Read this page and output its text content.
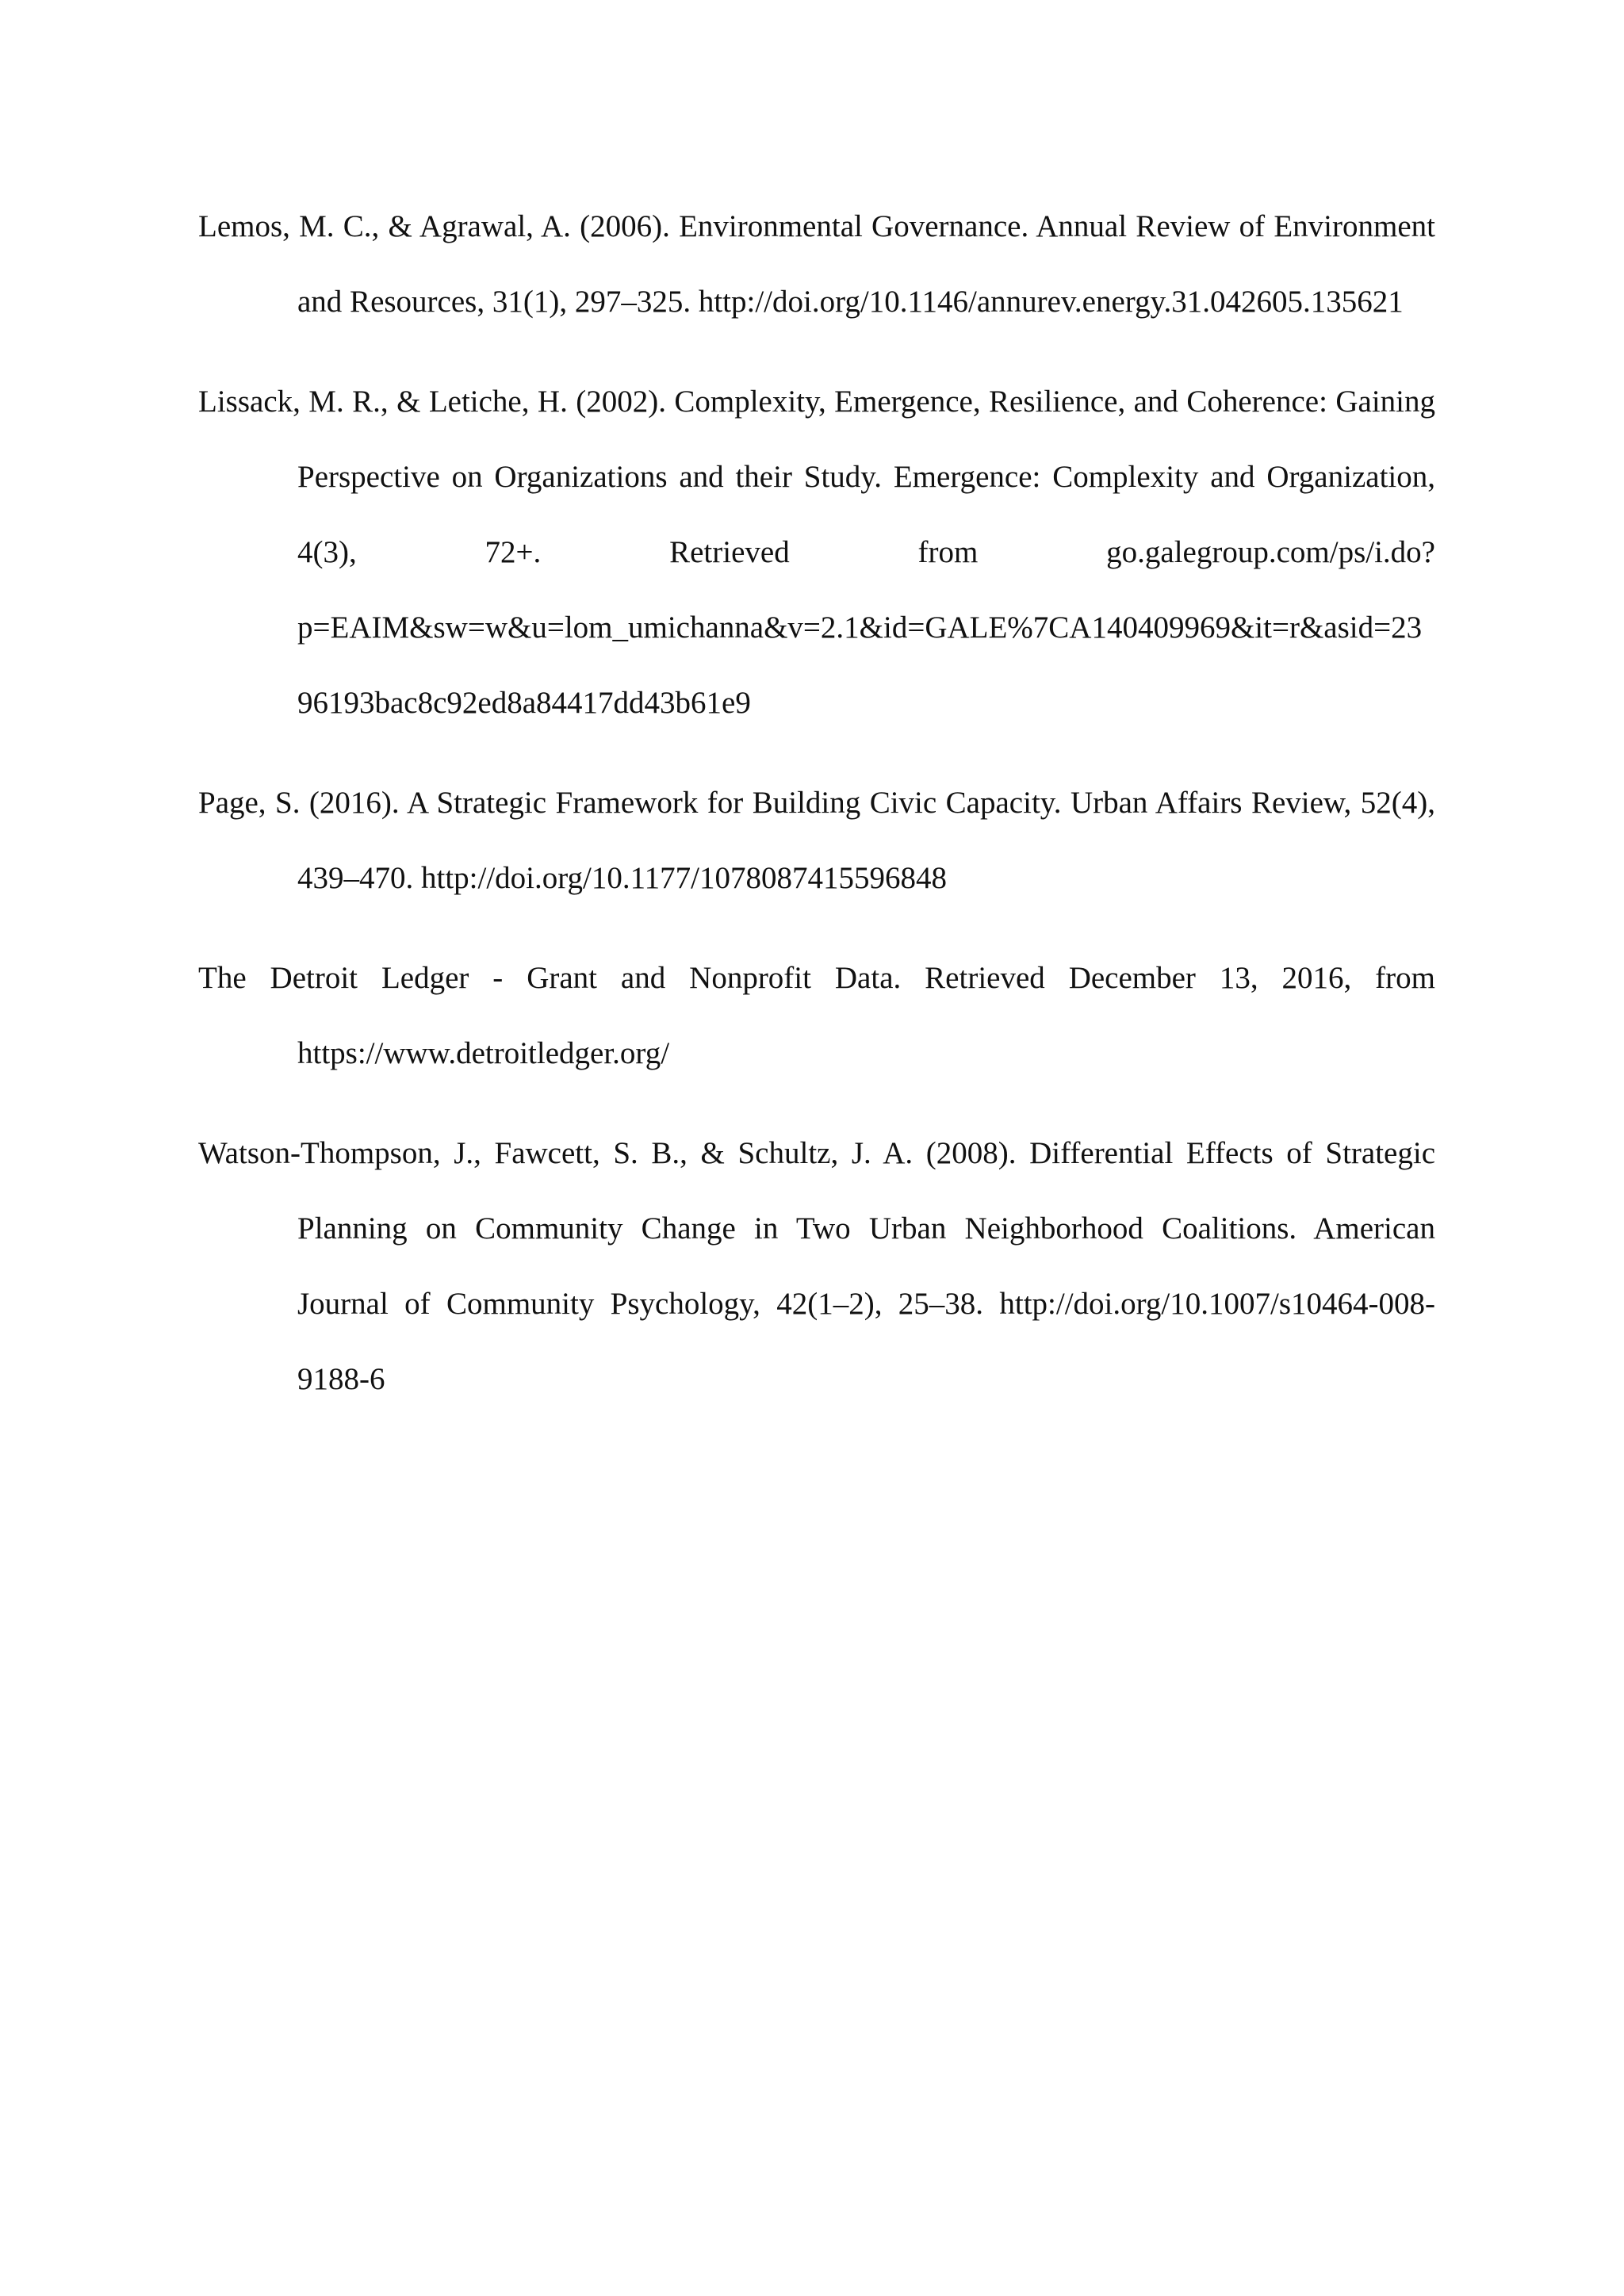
Lemos, M. C., & Agrawal, A. (2006). Environmental Governance. Annual Review of Environment and Resources, 31(1), 297–325. http://doi.org/10.1146/annurev.energy.31.042605.135621

Lissack, M. R., & Letiche, H. (2002). Complexity, Emergence, Resilience, and Coherence: Gaining Perspective on Organizations and their Study. Emergence: Complexity and Organization, 4(3), 72+. Retrieved from go.galegroup.com/ps/i.do?p=EAIM&sw=w&u=lom_umichanna&v=2.1&id=GALE%7CA140409969&it=r&asid=2396193bac8c92ed8a84417dd43b61e9

Page, S. (2016). A Strategic Framework for Building Civic Capacity. Urban Affairs Review, 52(4), 439–470. http://doi.org/10.1177/1078087415596848

The Detroit Ledger - Grant and Nonprofit Data. Retrieved December 13, 2016, from https://www.detroitledger.org/

Watson-Thompson, J., Fawcett, S. B., & Schultz, J. A. (2008). Differential Effects of Strategic Planning on Community Change in Two Urban Neighborhood Coalitions. American Journal of Community Psychology, 42(1–2), 25–38. http://doi.org/10.1007/s10464-008-9188-6
